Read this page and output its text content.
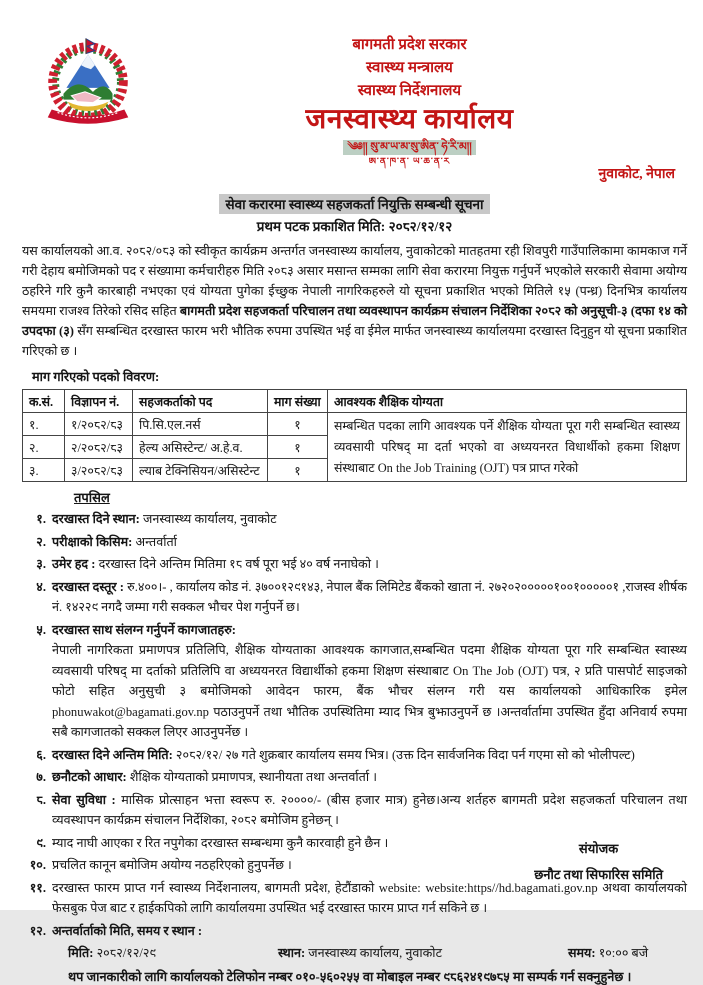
बागमती प्रदेश सरकार
स्वास्थ्य मन्त्रालय
स्वास्थ्य निर्देशनालय
जनस्वास्थ्य कार्यालय
༄༅།། སུ་མ་ཡ་མ་སུ་ཨིན་ ཧེ་རི་མ།།
ཨ་ན་ཁ་ན་ ཡ་ཆ་ན་ར
नुवाकोट, नेपाल
सेवा करारमा स्वास्थ्य सहजकर्ता नियुक्ति सम्बन्धी सूचना
प्रथम पटक प्रकाशित मिति: २०८२/१२/१२
यस कार्यालयको आ.व. २०८२/०८३ को स्वीकृत कार्यक्रम अन्तर्गत जनस्वास्थ्य कार्यालय, नुवाकोटको मातहतमा रही शिवपुरी गाउँपालिकामा कामकाज गर्ने गरी देहाय बमोजिमको पद र संख्यामा कर्मचारीहरु मिति २०८३ असार मसान्त सम्मका लागि सेवा करारमा नियुक्त गर्नुपर्ने भएकोले सरकारी सेवामा अयोग्य ठहरिने गरि कुनै कारबाही नभएका एवं योग्यता पुगेका ईच्छुक नेपाली नागरिकहरुले यो सूचना प्रकाशित भएको मितिले १५ (पन्ध्र) दिनभित्र कार्यालय समयमा राजश्व तिरेको रसिद सहित बागमती प्रदेश सहजकर्ता परिचालन तथा व्यवस्थापन कार्यक्रम संचालन निर्देशिका २०८२ को अनुसूची-३ (दफा १४ को उपदफा (३) सँग सम्बन्धित दरखास्त फारम भरी भौतिक रुपमा उपस्थित भई वा ईमेल मार्फत जनस्वास्थ्य कार्यालयमा दरखास्त दिनुहुन यो सूचना प्रकाशित गरिएको छ ।
माग गरिएको पदको विवरण:
क.सं.	विज्ञापन नं.	सहजकर्ताको पद	माग संख्या	आवश्यक शैक्षिक योग्यता
१.	१/२०८२/८३	पि.सि.एल.नर्स	१	सम्बन्धित पदका लागि आवश्यक पर्ने शैक्षिक योग्यता पूरा गरी सम्बन्धित स्वास्थ्य व्यवसायी परिषद् मा दर्ता भएको वा अध्ययनरत विधार्थीको हकमा शिक्षण संस्थाबाट On the Job Training (OJT) पत्र प्राप्त गरेको
२.	२/२०८२/८३	हेल्य असिस्टेन्ट/ अ.हे.व.	१	
३.	३/२०८२/८३	ल्याब टेक्निसियन/असिस्टेन्ट	१	
तपसिल
१. दरखास्त दिने स्थान: जनस्वास्थ्य कार्यालय, नुवाकोट
२. परीक्षाको किसिम: अन्तर्वार्ता
३. उमेर हद : दरखास्त दिने अन्तिम मितिमा १८ वर्ष पूरा भई ४० वर्ष ननाघेको ।
४. दरखास्त दस्तूर : रु.४००।- , कार्यालय कोड नं. ३७००१२९१४३, नेपाल बैंक लिमिटेड बैंकको खाता नं. २७२०२०००००१००१०००००१ ,राजस्व शीर्षक नं. १४२२९ नगदै जम्मा गरी सक्कल भौचर पेश गर्नुपर्ने छ।
५. दरखास्त साथ संलग्न गर्नुपर्ने कागजातहरु:
नेपाली नागरिकता प्रमाणपत्र प्रतिलिपि, शैक्षिक योग्यताका आवश्यक कागजात,सम्बन्धित पदमा शैक्षिक योग्यता पूरा गरि सम्बन्धित स्वास्थ्य व्यवसायी परिषद् मा दर्ताको प्रतिलिपि वा अध्ययनरत विद्यार्थीको हकमा शिक्षण संस्थाबाट On The Job (OJT) पत्र, २ प्रति पासपोर्ट साइजको फोटो सहित अनुसुची ३ बमोजिमको आवेदन फारम, बैंक भौचर संलग्न गरी यस कार्यालयको आधिकारिक इमेल phonuwakot@bagamati.gov.np पठाउनुपर्ने तथा भौतिक उपस्थितिमा म्याद भित्र बुझाउनुपर्ने छ ।अन्तर्वार्तामा उपस्थित हुँदा अनिवार्य रुपमा सबै कागजातको सक्कल लिएर आउनुपर्नेछ ।
६. दरखास्त दिने अन्तिम मिति: २०८२/१२/ २७ गते शुक्रबार कार्यालय समय भित्र। (उक्त दिन सार्वजनिक विदा पर्न गएमा सो को भोलीपल्ट)
७. छनौटको आधार: शैक्षिक योग्यताको प्रमाणपत्र, स्थानीयता तथा अन्तर्वार्ता ।
८. सेवा सुविधा : मासिक प्रोत्साहन भत्ता स्वरूप रु. २००००/- (बीस हजार मात्र) हुनेछ।अन्य शर्तहरु बागमती प्रदेश सहजकर्ता परिचालन तथा व्यवस्थापन कार्यक्रम संचालन निर्देशिका, २०८२ बमोजिम हुनेछन् ।
९. म्याद नाघी आएका र रित नपुगेका दरखास्त सम्बन्धमा कुनै कारवाही हुने छैन ।
१०. प्रचलित कानून बमोजिम अयोग्य नठहरिएको हुनुपर्नेछ ।
११. दरखास्त फारम प्राप्त गर्न स्वास्थ्य निर्देशनालय, बागमती प्रदेश, हेटौंडाको website: website:https//hd.bagamati.gov.np अथवा कार्यालयको फेसबुक पेज बाट र हाईकपिको लागि कार्यालयमा उपस्थित भई दरखास्त फारम प्राप्त गर्न सकिने छ ।
१२. अन्तर्वार्ताको मिति, समय र स्थान :
मिति: २०८२/१२/२९	स्थान: जनस्वास्थ्य कार्यालय, नुवाकोट	समय: १०:०० बजे
थप जानकारीको लागि कार्यालयको टेलिफोन नम्बर ०१०-५६०२५५ वा मोबाइल नम्बर ९८६२४१९७८५ मा सम्पर्क गर्न सक्नुहुनेछ ।
संयोजक
छनौट तथा सिफारिस समिति
